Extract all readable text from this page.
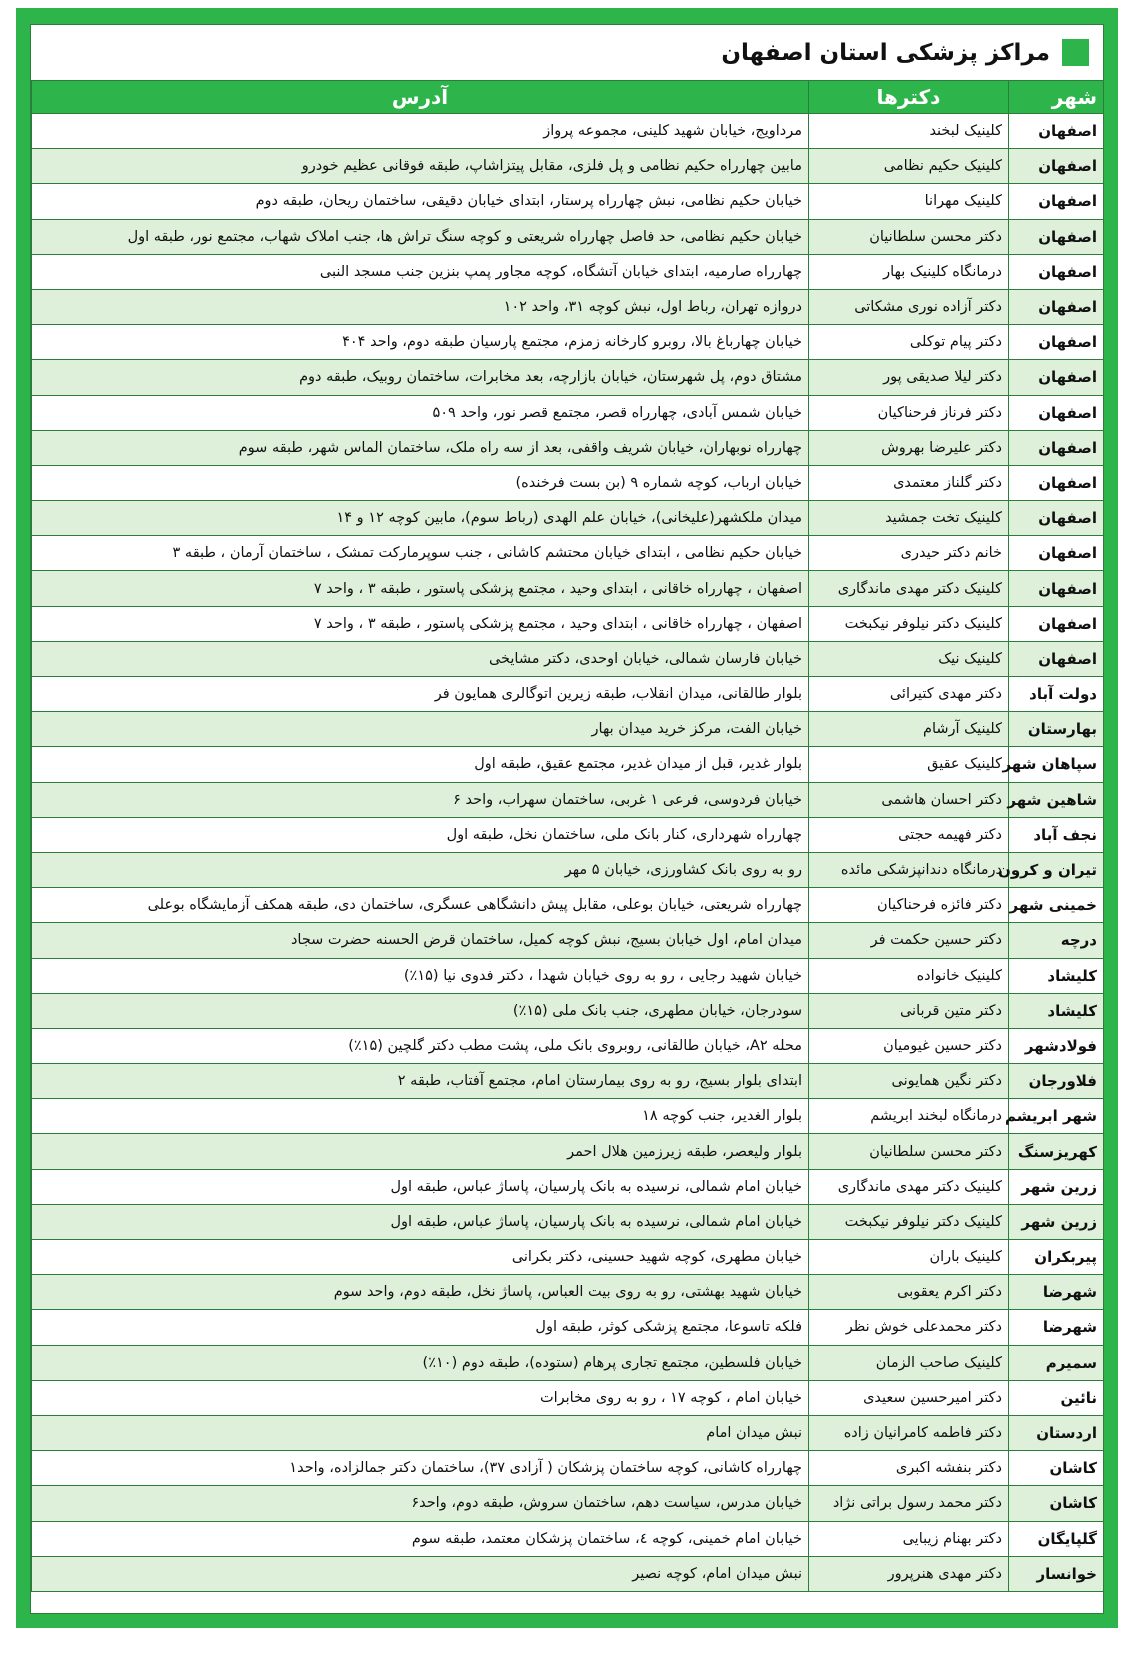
مراکز پزشکی استان اصفهان
شهر	دکترها	آدرس
اصفهان	کلینیک لبخند	مرداویج، خیابان شهید کلینی، مجموعه پرواز
اصفهان	کلینیک حکیم نظامی	مابین چهارراه حکیم نظامی و پل فلزی، مقابل پیتزاشاپ، طبقه فوقانی عظیم خودرو
اصفهان	کلینیک مهرانا	خیابان حکیم نظامی، نبش چهارراه پرستار، ابتدای خیابان دقیقی، ساختمان ریحان، طبقه دوم
اصفهان	دکتر محسن سلطانیان	خیابان حکیم نظامی، حد فاصل چهارراه شریعتی و کوچه سنگ تراش ها، جنب املاک شهاب، مجتمع نور، طبقه اول
اصفهان	درمانگاه کلینیک بهار	چهارراه صارمیه، ابتدای خیابان آتشگاه، کوچه مجاور پمپ بنزین جنب مسجد النبی
اصفهان	دکتر آزاده نوری مشکاتی	دروازه تهران، رباط اول، نبش کوچه ۳۱، واحد ۱۰۲
اصفهان	دکتر پیام توکلی	خیابان چهارباغ بالا، روبرو کارخانه زمزم، مجتمع پارسیان طبقه دوم، واحد ۴۰۴
اصفهان	دکتر لیلا صدیقی پور	مشتاق دوم، پل شهرستان، خیابان بازارچه، بعد مخابرات، ساختمان روبیک، طبقه دوم
اصفهان	دکتر فرناز فرحناکیان	خیابان شمس آبادی، چهارراه قصر، مجتمع قصر نور، واحد ۵۰۹
اصفهان	دکتر علیرضا بهروش	چهارراه نوبهاران، خیابان شریف واقفی، بعد از سه راه ملک، ساختمان الماس شهر، طبقه سوم
اصفهان	دکتر گلناز معتمدی	خیابان ارباب، کوچه شماره ۹ (بن بست فرخنده)
اصفهان	کلینیک تخت جمشید	میدان ملکشهر(علیخانی)، خیابان علم الهدی (رباط سوم)، مابین کوچه ۱۲ و ۱۴
اصفهان	خانم دکتر حیدری	خیابان حکیم نظامی ، ابتدای خیابان محتشم کاشانی ، جنب سوپرمارکت تمشک ، ساختمان آرمان ، طبقه ۳
اصفهان	کلینیک دکتر مهدی ماندگاری	اصفهان ، چهارراه خاقانی ، ابتدای وحید ، مجتمع پزشکی پاستور ، طبقه ۳ ، واحد ۷
اصفهان	کلینیک دکتر نیلوفر نیکبخت	اصفهان ، چهارراه خاقانی ، ابتدای وحید ، مجتمع پزشکی پاستور ، طبقه ۳ ، واحد ۷
اصفهان	کلینیک نیک	خیابان فارسان شمالی، خیابان اوحدی، دکتر مشایخی
دولت آباد	دکتر مهدی کتیرائی	بلوار طالقانی، میدان انقلاب، طبقه زیرین اتوگالری همایون فر
بهارستان	کلینیک آرشام	خیابان الفت، مرکز خرید میدان بهار
سپاهان شهر	کلینیک عقیق	بلوار غدیر، قبل از میدان غدیر، مجتمع عقیق، طبقه اول
شاهین شهر	دکتر احسان هاشمی	خیابان فردوسی، فرعی ۱ غربی، ساختمان سهراب، واحد ۶
نجف آباد	دکتر فهیمه حجتی	چهارراه شهرداری، کنار بانک ملی، ساختمان نخل، طبقه اول
تیران و کرون	درمانگاه دندانپزشکی مائده	رو به روی بانک کشاورزی، خیابان ۵ مهر
خمینی شهر	دکتر فائزه فرحناکیان	چهارراه شریعتی، خیابان بوعلی، مقابل پیش دانشگاهی عسگری، ساختمان دی، طبقه همکف آزمایشگاه بوعلی
درچه	دکتر حسین حکمت فر	میدان امام، اول خیابان بسیج، نبش کوچه کمیل، ساختمان قرض الحسنه حضرت سجاد
کلیشاد	کلینیک خانواده	خیابان شهید رجایی ، رو به روی خیابان شهدا ، دکتر فدوی نیا (۱۵٪)
کلیشاد	دکتر متین قربانی	سودرجان، خیابان مطهری، جنب بانک ملی (۱۵٪)
فولادشهر	دکتر حسین غیومیان	محله A۲، خیابان طالقانی، روبروی بانک ملی، پشت مطب دکتر گلچین (۱۵٪)
فلاورجان	دکتر نگین همایونی	ابتدای بلوار بسیج، رو به روی بیمارستان امام، مجتمع آفتاب، طبقه ۲
شهر ابریشم	درمانگاه لبخند ابریشم	بلوار الغدیر، جنب کوچه ۱۸
کهریزسنگ	دکتر محسن سلطانیان	بلوار ولیعصر، طبقه زیرزمین هلال احمر
زرین شهر	کلینیک دکتر مهدی ماندگاری	خیابان امام شمالی، نرسیده به بانک پارسیان، پاساژ عباس، طبقه اول
زرین شهر	کلینیک دکتر نیلوفر نیکبخت	خیابان امام شمالی، نرسیده به بانک پارسیان، پاساژ عباس، طبقه اول
پیربکران	کلینیک باران	خیابان مطهری، کوچه شهید حسینی، دکتر بکرانی
شهرضا	دکتر اکرم یعقوبی	خیابان شهید بهشتی، رو به روی بیت العباس، پاساژ نخل، طبقه دوم، واحد سوم
شهرضا	دکتر محمدعلی خوش نظر	فلکه تاسوعا، مجتمع پزشکی کوثر، طبقه اول
سمیرم	کلینیک صاحب الزمان	خیابان فلسطین، مجتمع تجاری پرهام (ستوده)، طبقه دوم (۱۰٪)
نائین	دکتر امیرحسین سعیدی	خیابان امام ، کوچه ۱۷ ، رو به روی مخابرات
اردستان	دکتر فاطمه کامرانیان زاده	نبش میدان امام
کاشان	دکتر بنفشه اکبری	چهارراه کاشانی، کوچه ساختمان پزشکان ( آزادی ۳۷)، ساختمان دکتر جمالزاده، واحد۱
کاشان	دکتر محمد رسول براتی نژاد	خیابان مدرس، سیاست دهم، ساختمان سروش، طبقه دوم، واحد۶
گلپایگان	دکتر بهنام زیبایی	خیابان امام خمینی، کوچه ٤، ساختمان پزشکان معتمد، طبقه سوم
خوانسار	دکتر مهدی هنرپرور	نبش میدان امام، کوچه نصیر
